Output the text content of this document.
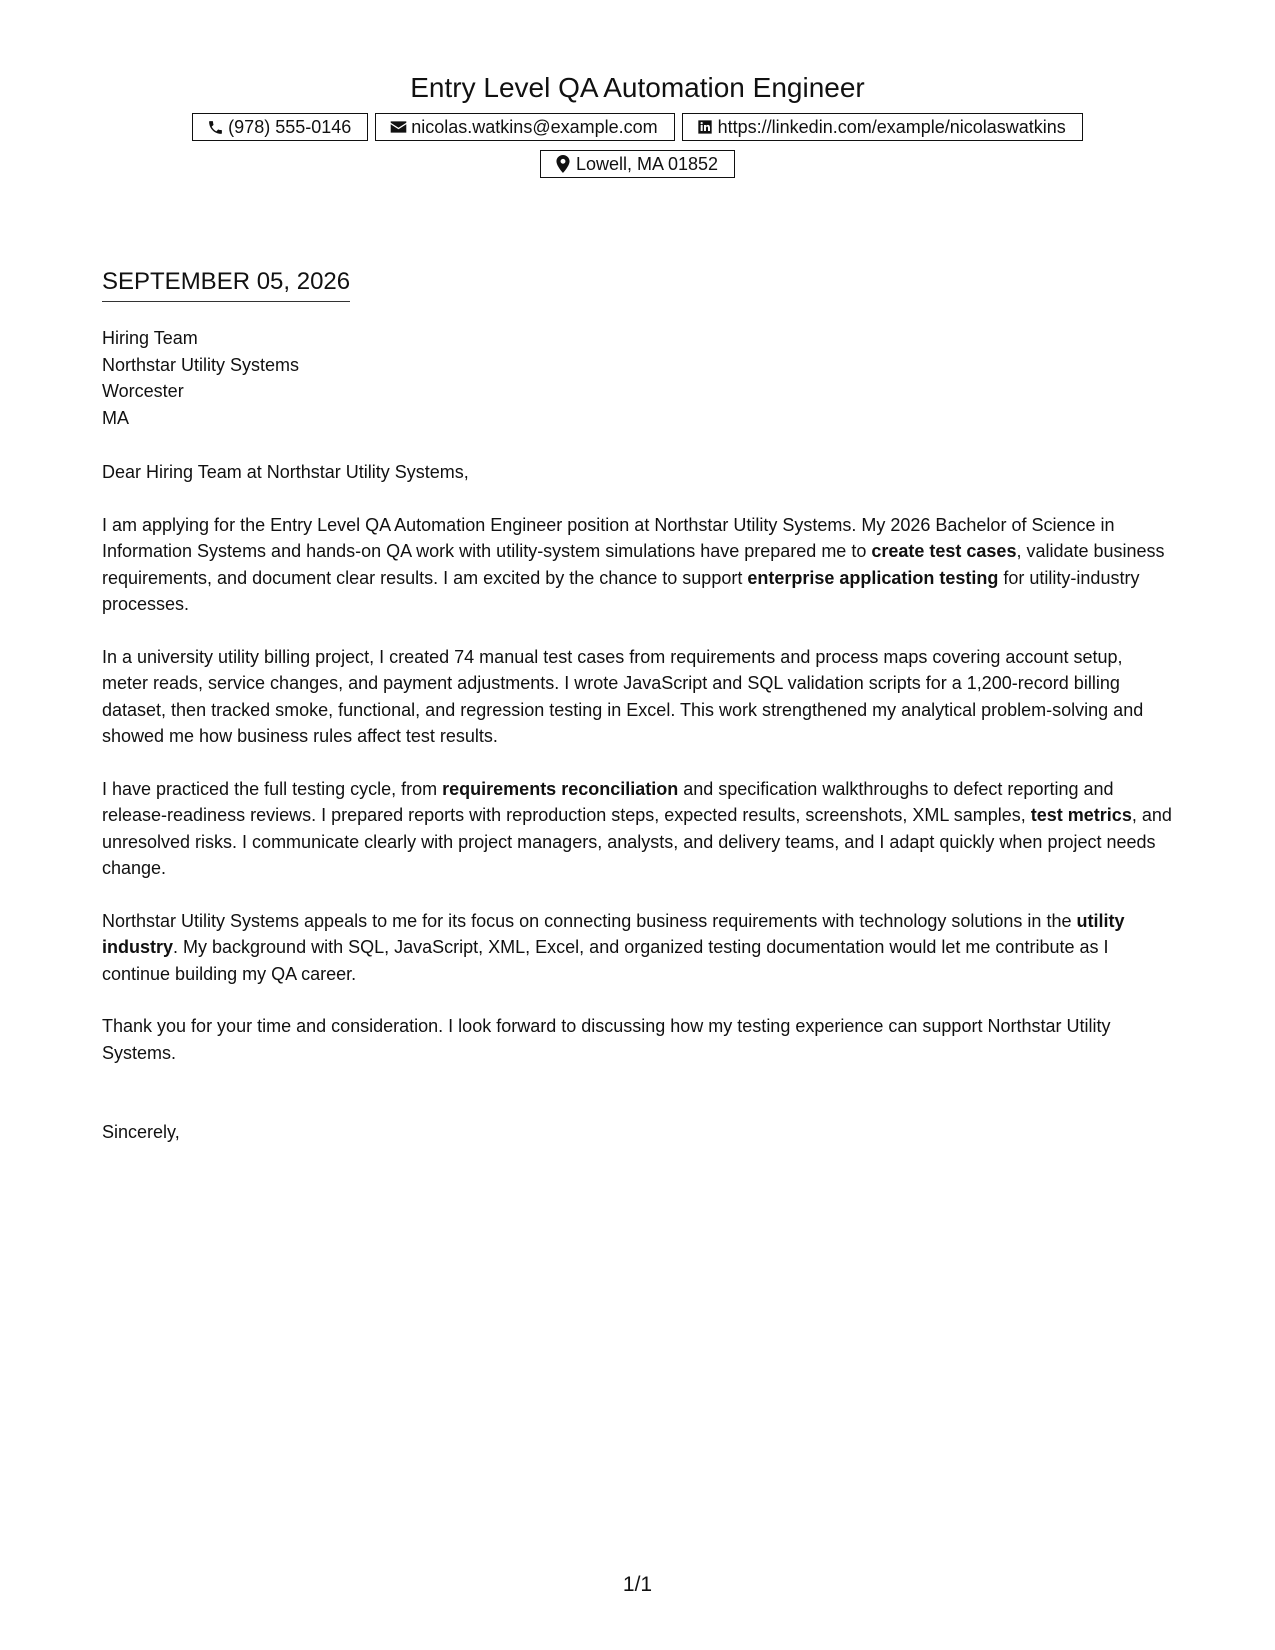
Entry Level QA Automation Engineer
(978) 555-0146	nicolas.watkins@example.com	https://linkedin.com/example/nicolaswatkins
Lowell, MA 01852
SEPTEMBER 05, 2026
Hiring Team
Northstar Utility Systems
Worcester
MA

Dear Hiring Team at Northstar Utility Systems,

I am applying for the Entry Level QA Automation Engineer position at Northstar Utility Systems. My 2026 Bachelor of Science in Information Systems and hands-on QA work with utility-system simulations have prepared me to create test cases, validate business requirements, and document clear results. I am excited by the chance to support enterprise application testing for utility-industry processes.

In a university utility billing project, I created 74 manual test cases from requirements and process maps covering account setup, meter reads, service changes, and payment adjustments. I wrote JavaScript and SQL validation scripts for a 1,200-record billing dataset, then tracked smoke, functional, and regression testing in Excel. This work strengthened my analytical problem-solving and showed me how business rules affect test results.

I have practiced the full testing cycle, from requirements reconciliation and specification walkthroughs to defect reporting and release-readiness reviews. I prepared reports with reproduction steps, expected results, screenshots, XML samples, test metrics, and unresolved risks. I communicate clearly with project managers, analysts, and delivery teams, and I adapt quickly when project needs change.

Northstar Utility Systems appeals to me for its focus on connecting business requirements with technology solutions in the utility industry. My background with SQL, JavaScript, XML, Excel, and organized testing documentation would let me contribute as I continue building my QA career.

Thank you for your time and consideration. I look forward to discussing how my testing experience can support Northstar Utility Systems.

Sincerely,
1/1
